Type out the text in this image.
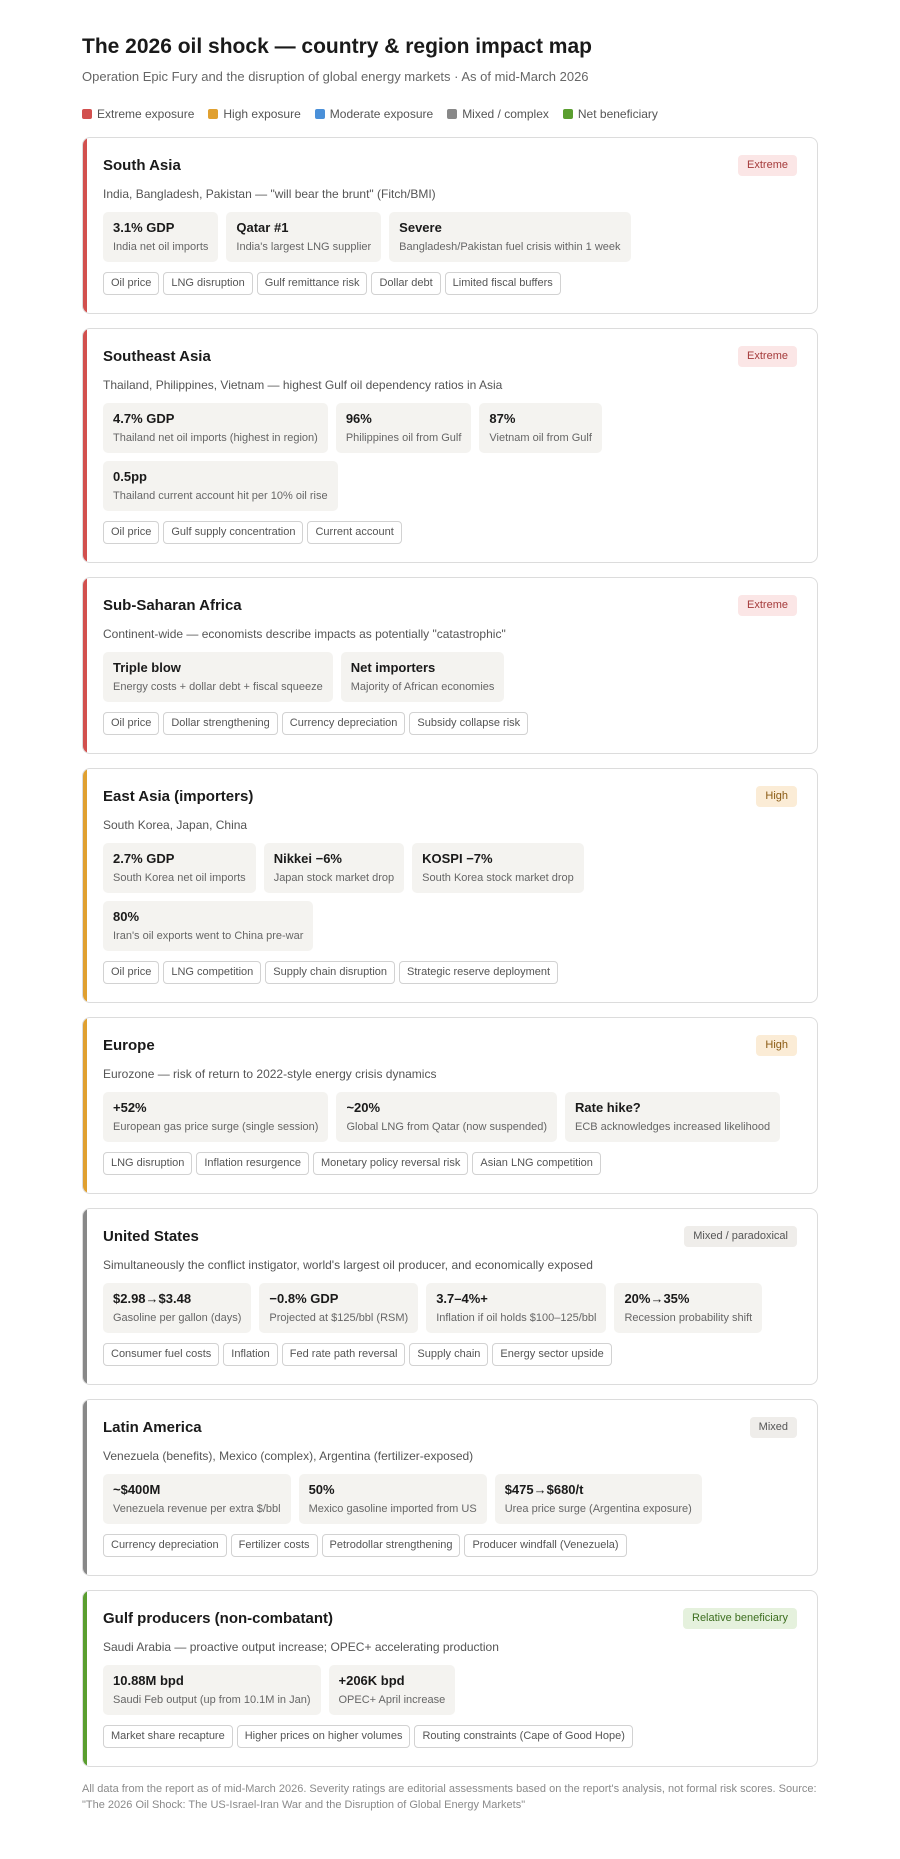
The 2026 oil shock — country & region impact map
Operation Epic Fury and the disruption of global energy markets · As of mid-March 2026
Extreme exposure High exposure Moderate exposure Mixed / complex Net beneficiary
South Asia	Extreme
India, Bangladesh, Pakistan — "will bear the brunt" (Fitch/BMI)
3.1% GDP
India net oil imports
Qatar #1
India's largest LNG supplier
Severe
Bangladesh/Pakistan fuel crisis within 1 week
Oil price	LNG disruption	Gulf remittance risk	Dollar debt	Limited fiscal buffers
Southeast Asia	Extreme
Thailand, Philippines, Vietnam — highest Gulf oil dependency ratios in Asia
4.7% GDP
Thailand net oil imports (highest in region)
96%
Philippines oil from Gulf
87%
Vietnam oil from Gulf
0.5pp
Thailand current account hit per 10% oil rise
Oil price	Gulf supply concentration	Current account
Sub-Saharan Africa	Extreme
Continent-wide — economists describe impacts as potentially "catastrophic"
Triple blow
Energy costs + dollar debt + fiscal squeeze
Net importers
Majority of African economies
Oil price	Dollar strengthening	Currency depreciation	Subsidy collapse risk
East Asia (importers)	High
South Korea, Japan, China
2.7% GDP
South Korea net oil imports
Nikkei −6%
Japan stock market drop
KOSPI −7%
South Korea stock market drop
80%
Iran's oil exports went to China pre-war
Oil price	LNG competition	Supply chain disruption	Strategic reserve deployment
Europe	High
Eurozone — risk of return to 2022-style energy crisis dynamics
+52%
European gas price surge (single session)
~20%
Global LNG from Qatar (now suspended)
Rate hike?
ECB acknowledges increased likelihood
LNG disruption	Inflation resurgence	Monetary policy reversal risk	Asian LNG competition
United States	Mixed / paradoxical
Simultaneously the conflict instigator, world's largest oil producer, and economically exposed
$2.98→$3.48
Gasoline per gallon (days)
−0.8% GDP
Projected at $125/bbl (RSM)
3.7–4%+
Inflation if oil holds $100–125/bbl
20%→35%
Recession probability shift
Consumer fuel costs	Inflation	Fed rate path reversal	Supply chain	Energy sector upside
Latin America	Mixed
Venezuela (benefits), Mexico (complex), Argentina (fertilizer-exposed)
~$400M
Venezuela revenue per extra $/bbl
50%
Mexico gasoline imported from US
$475→$680/t
Urea price surge (Argentina exposure)
Currency depreciation	Fertilizer costs	Petrodollar strengthening	Producer windfall (Venezuela)
Gulf producers (non-combatant)	Relative beneficiary
Saudi Arabia — proactive output increase; OPEC+ accelerating production
10.88M bpd
Saudi Feb output (up from 10.1M in Jan)
+206K bpd
OPEC+ April increase
Market share recapture	Higher prices on higher volumes	Routing constraints (Cape of Good Hope)
All data from the report as of mid-March 2026. Severity ratings are editorial assessments based on the report's analysis, not formal risk scores. Source: "The 2026 Oil Shock: The US-Israel-Iran War and the Disruption of Global Energy Markets"
